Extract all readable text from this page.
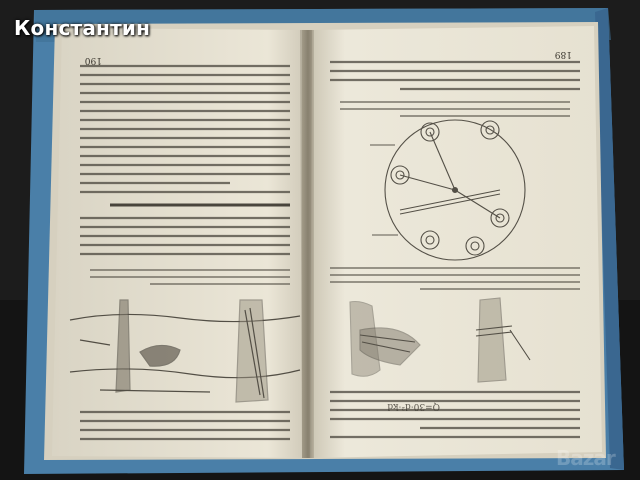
190
189
Q=30·d²·kd
Константин
Bazar
